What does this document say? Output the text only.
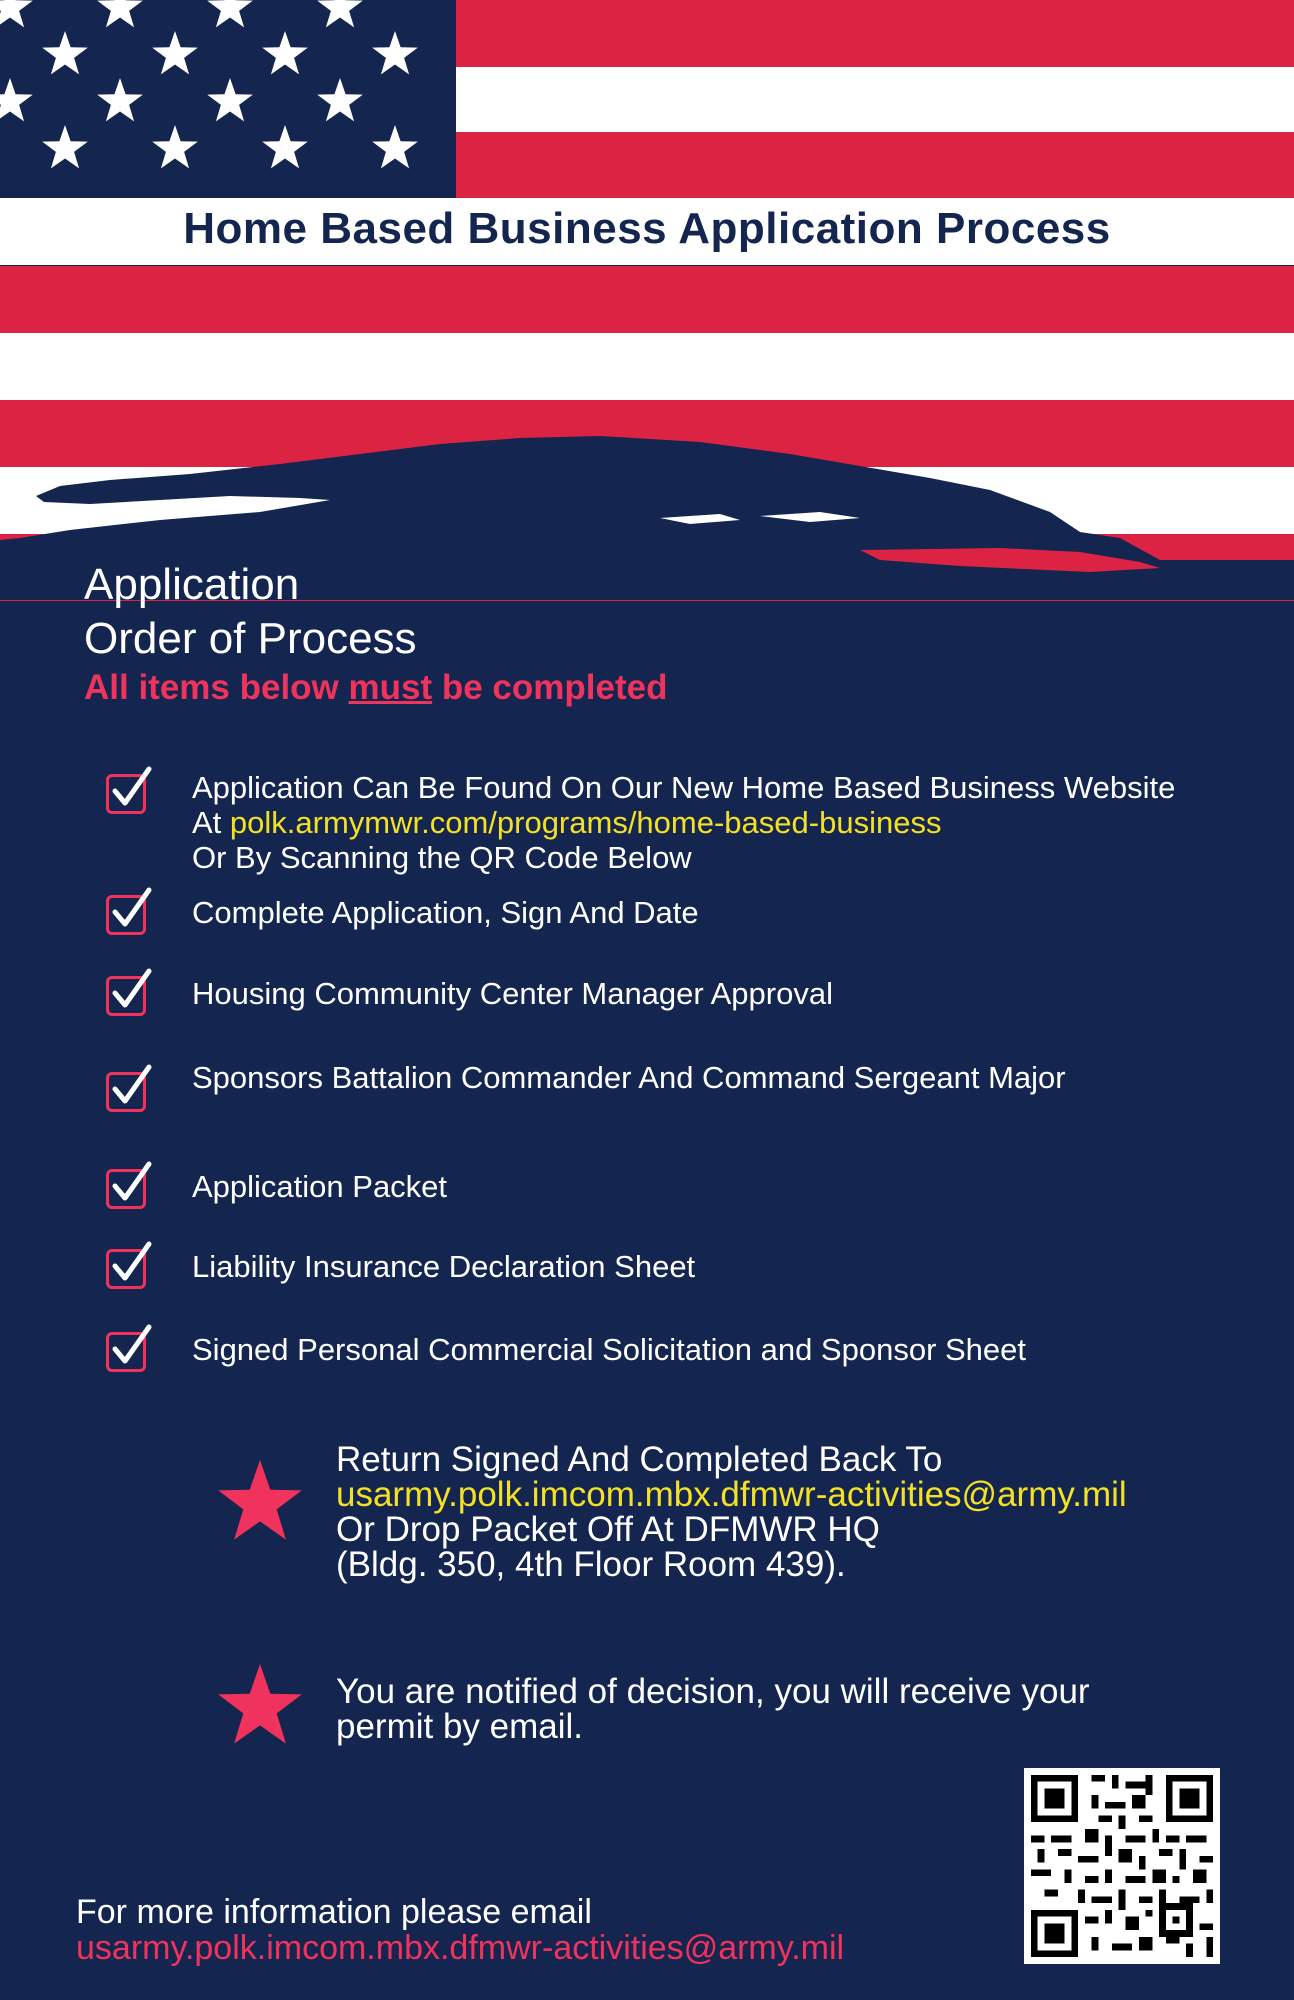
Home Based Business Application Process
Application
Order of Process
All items below must be completed
Application Can Be Found On Our New Home Based Business Website At polk.armymwr.com/programs/home-based-business
Or By Scanning the QR Code Below
Complete Application, Sign And Date
Housing Community Center Manager Approval
Sponsors Battalion Commander And Command Sergeant Major
Application Packet
Liability Insurance Declaration Sheet
Signed Personal Commercial Solicitation and Sponsor Sheet
Return Signed And Completed Back To
usarmy.polk.imcom.mbx.dfmwr-activities@army.mil
Or Drop Packet Off At DFMWR HQ
(Bldg. 350, 4th Floor Room 439).
You are notified of decision, you will receive your permit by email.
For more information please email
usarmy.polk.imcom.mbx.dfmwr-activities@army.mil
